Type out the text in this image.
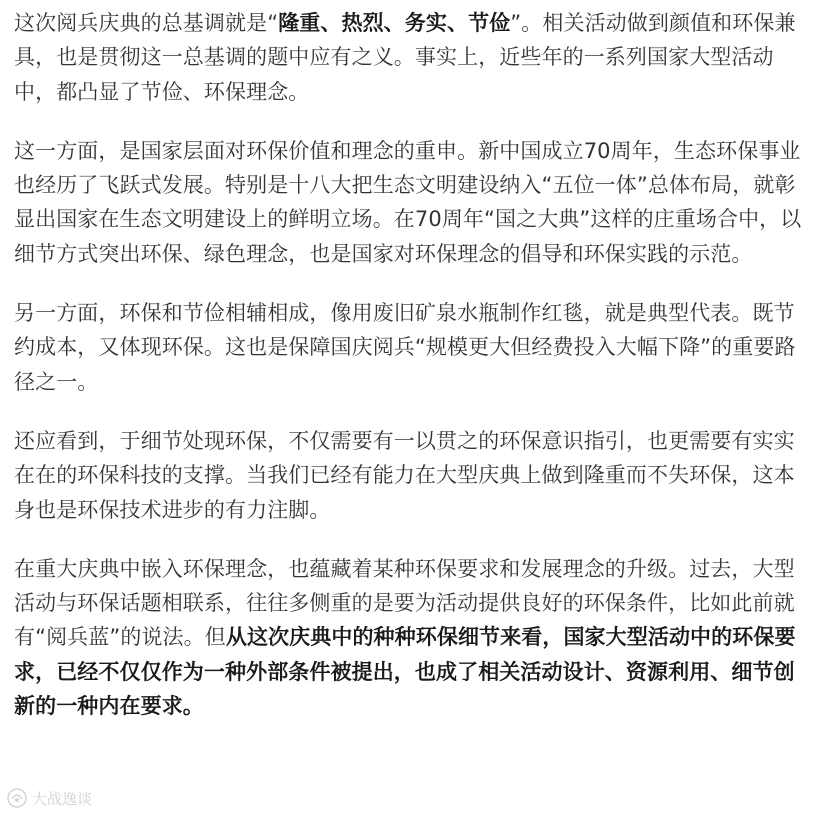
这次阅兵庆典的总基调就是“隆重、热烈、务实、节俭”。相关活动做到颜值和环保兼具，也是贯彻这一总基调的题中应有之义。事实上，近些年的一系列国家大型活动中，都凸显了节俭、环保理念。

这一方面，是国家层面对环保价值和理念的重申。新中国成立70周年，生态环保事业也经历了飞跃式发展。特别是十八大把生态文明建设纳入“五位一体”总体布局，就彰显出国家在生态文明建设上的鲜明立场。在70周年“国之大典”这样的庄重场合中，以细节方式突出环保、绿色理念，也是国家对环保理念的倡导和环保实践的示范。

另一方面，环保和节俭相辅相成，像用废旧矿泉水瓶制作红毯，就是典型代表。既节约成本，又体现环保。这也是保障国庆阅兵“规模更大但经费投入大幅下降”的重要路径之一。

还应看到，于细节处现环保，不仅需要有一以贯之的环保意识指引，也更需要有实实在在的环保科技的支撑。当我们已经有能力在大型庆典上做到隆重而不失环保，这本身也是环保技术进步的有力注脚。

在重大庆典中嵌入环保理念，也蕴藏着某种环保要求和发展理念的升级。过去，大型活动与环保话题相联系，往往多侧重的是要为活动提供良好的环保条件，比如此前就有“阅兵蓝”的说法。但从这次庆典中的种种环保细节来看，国家大型活动中的环保要求，已经不仅仅作为一种外部条件被提出，也成了相关活动设计、资源利用、细节创新的一种内在要求。

大战逸谈
